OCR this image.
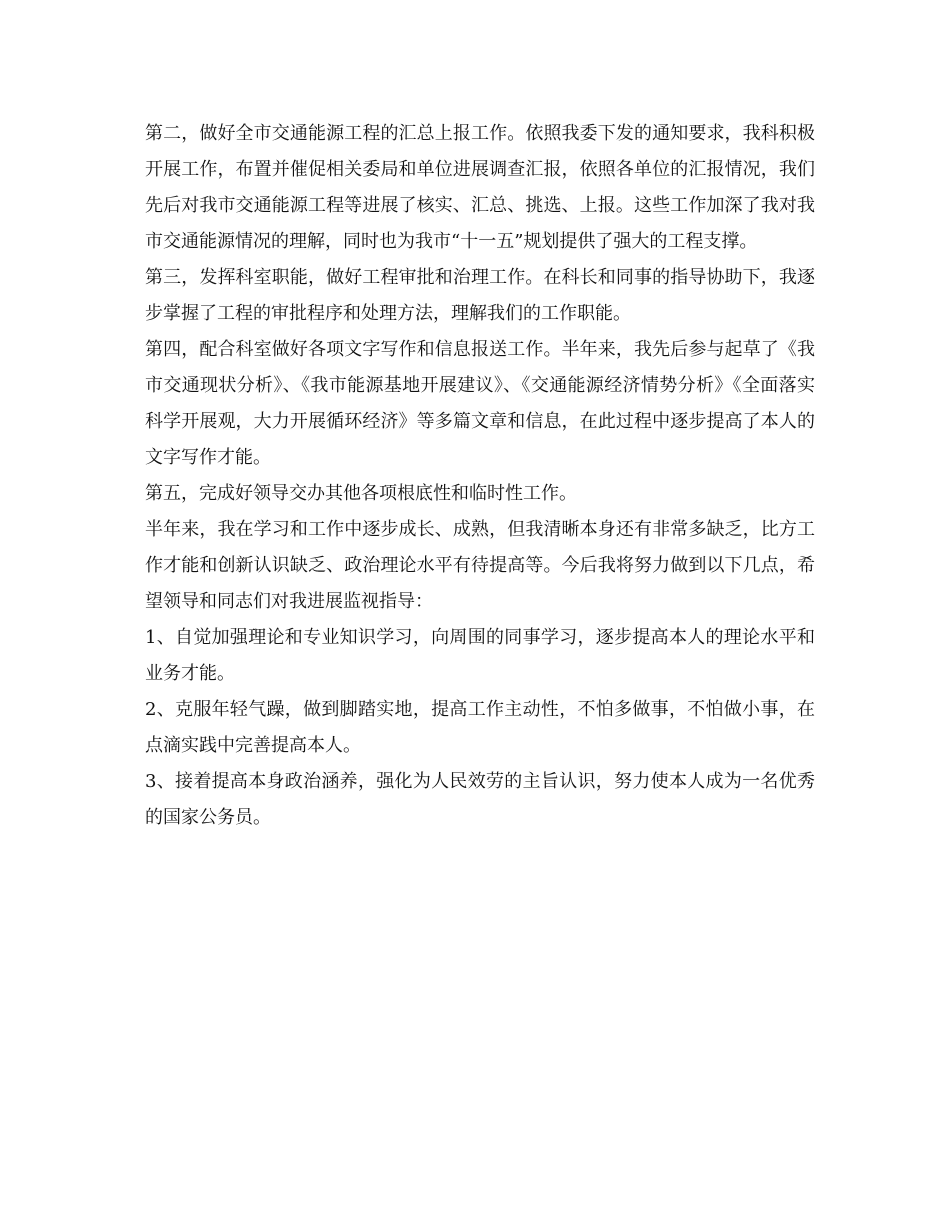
第二，做好全市交通能源工程的汇总上报工作。依照我委下发的通知要求，我科积极开展工作，布置并催促相关委局和单位进展调查汇报，依照各单位的汇报情况，我们先后对我市交通能源工程等进展了核实、汇总、挑选、上报。这些工作加深了我对我市交通能源情况的理解，同时也为我市“十一五”规划提供了强大的工程支撑。

第三，发挥科室职能，做好工程审批和治理工作。在科长和同事的指导协助下，我逐步掌握了工程的审批程序和处理方法，理解我们的工作职能。

第四，配合科室做好各项文字写作和信息报送工作。半年来，我先后参与起草了《我市交通现状分析》、《我市能源基地开展建议》、《交通能源经济情势分析》《全面落实科学开展观，大力开展循环经济》等多篇文章和信息，在此过程中逐步提高了本人的文字写作才能。

第五，完成好领导交办其他各项根底性和临时性工作。

半年来，我在学习和工作中逐步成长、成熟，但我清晰本身还有非常多缺乏，比方工作才能和创新认识缺乏、政治理论水平有待提高等。今后我将努力做到以下几点，希望领导和同志们对我进展监视指导：

1、自觉加强理论和专业知识学习，向周围的同事学习，逐步提高本人的理论水平和业务才能。

2、克服年轻气躁，做到脚踏实地，提高工作主动性，不怕多做事，不怕做小事，在点滴实践中完善提高本人。

3、接着提高本身政治涵养，强化为人民效劳的主旨认识，努力使本人成为一名优秀的国家公务员。
